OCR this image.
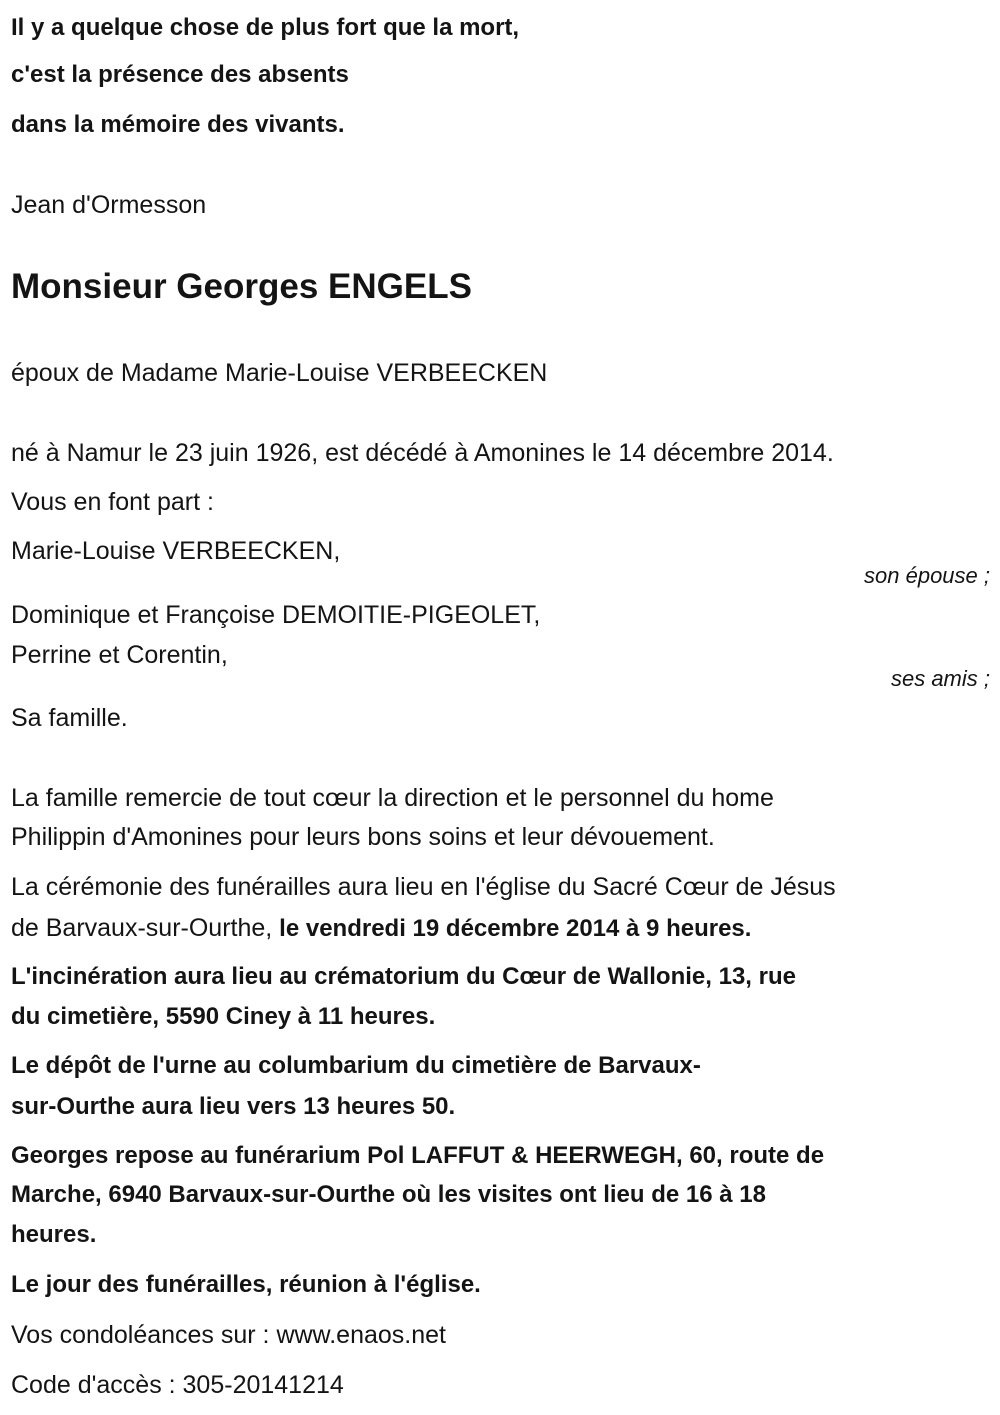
Il y a quelque chose de plus fort que la mort,
c'est la présence des absents
dans la mémoire des vivants.
Jean d'Ormesson
Monsieur Georges ENGELS
époux de Madame Marie-Louise VERBEECKEN
né à Namur le 23 juin 1926, est décédé à Amonines le 14 décembre 2014.
Vous en font part :
Marie-Louise VERBEECKEN,
son épouse ;
Dominique et Françoise DEMOITIE-PIGEOLET,
Perrine et Corentin,
ses amis ;
Sa famille.
La famille remercie de tout cœur la direction et le personnel du home
Philippin d'Amonines pour leurs bons soins et leur dévouement.
La cérémonie des funérailles aura lieu en l'église du Sacré Cœur de Jésus
de Barvaux-sur-Ourthe, le vendredi 19 décembre 2014 à 9 heures.
L'incinération aura lieu au crématorium du Cœur de Wallonie, 13, rue
du cimetière, 5590 Ciney à 11 heures.
Le dépôt de l'urne au columbarium du cimetière de Barvaux-
sur-Ourthe aura lieu vers 13 heures 50.
Georges repose au funérarium Pol LAFFUT & HEERWEGH, 60, route de
Marche, 6940 Barvaux-sur-Ourthe où les visites ont lieu de 16 à 18
heures.
Le jour des funérailles, réunion à l'église.
Vos condoléances sur : www.enaos.net
Code d'accès : 305-20141214
